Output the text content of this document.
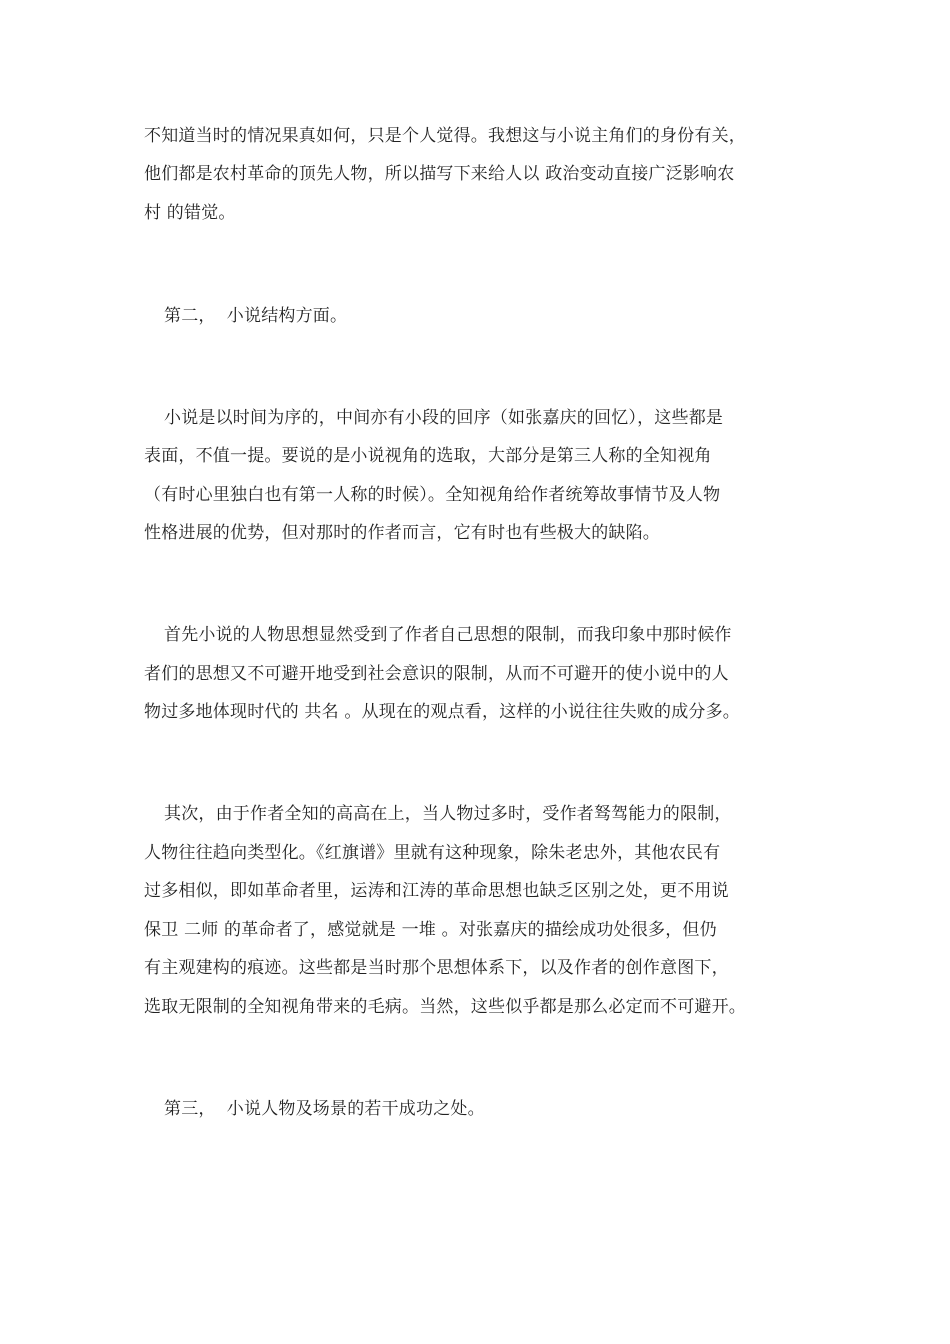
不知道当时的情况果真如何，只是个人觉得。我想这与小说主角们的身份有关，
他们都是农村革命的顶先人物，所以描写下来给人以 政治变动直接广泛影响农
村 的错觉。
第二，  小说结构方面。
小说是以时间为序的，中间亦有小段的回序（如张嘉庆的回忆），这些都是
表面，不值一提。要说的是小说视角的选取，大部分是第三人称的全知视角
（有时心里独白也有第一人称的时候）。全知视角给作者统筹故事情节及人物
性格进展的优势，但对那时的作者而言，它有时也有些极大的缺陷。
首先小说的人物思想显然受到了作者自己思想的限制，而我印象中那时候作
者们的思想又不可避开地受到社会意识的限制，从而不可避开的使小说中的人
物过多地体现时代的 共名 。从现在的观点看，这样的小说往往失败的成分多。
其次，由于作者全知的高高在上，当人物过多时，受作者驽驾能力的限制，
人物往往趋向类型化。《红旗谱》里就有这种现象，除朱老忠外，其他农民有
过多相似，即如革命者里，运涛和江涛的革命思想也缺乏区别之处，更不用说
保卫 二师 的革命者了，感觉就是 一堆 。对张嘉庆的描绘成功处很多，但仍
有主观建构的痕迹。这些都是当时那个思想体系下，以及作者的创作意图下，
选取无限制的全知视角带来的毛病。当然，这些似乎都是那么必定而不可避开。
第三，  小说人物及场景的若干成功之处。
